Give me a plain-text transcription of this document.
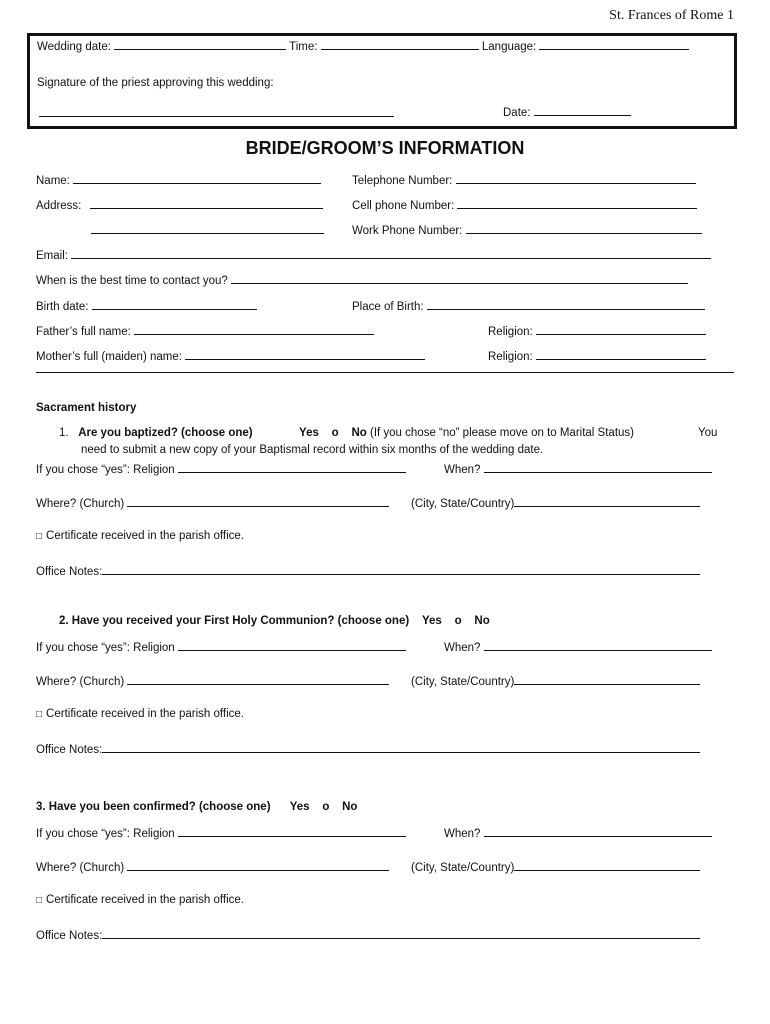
St. Frances of Rome 1
Wedding date:	Time:	Language:
Signature of the priest approving this wedding:
Date:
BRIDE/GROOM’S INFORMATION
Name:	Telephone Number:
Address:	Cell phone Number:
Work Phone Number:
Email:
When is the best time to contact you?
Birth date:	Place of Birth:
Father’s full name:	Religion:
Mother’s full (maiden) name:	Religion:
Sacrament history
1. Are you baptized? (choose one)	Yes o No (If you chose “no” please move on to Marital Status)	You
need to submit a new copy of your Baptismal record within six months of the wedding date.
If you chose “yes”: Religion	When?
Where? (Church)	(City, State/Country)
□ Certificate received in the parish office.
Office Notes:
2. Have you received your First Holy Communion? (choose one) Yes o No
If you chose “yes”: Religion	When?
Where? (Church)	(City, State/Country)
□ Certificate received in the parish office.
Office Notes:
3. Have you been confirmed? (choose one) Yes o No
If you chose “yes”: Religion	When?
Where? (Church)	(City, State/Country)
□ Certificate received in the parish office.
Office Notes:
